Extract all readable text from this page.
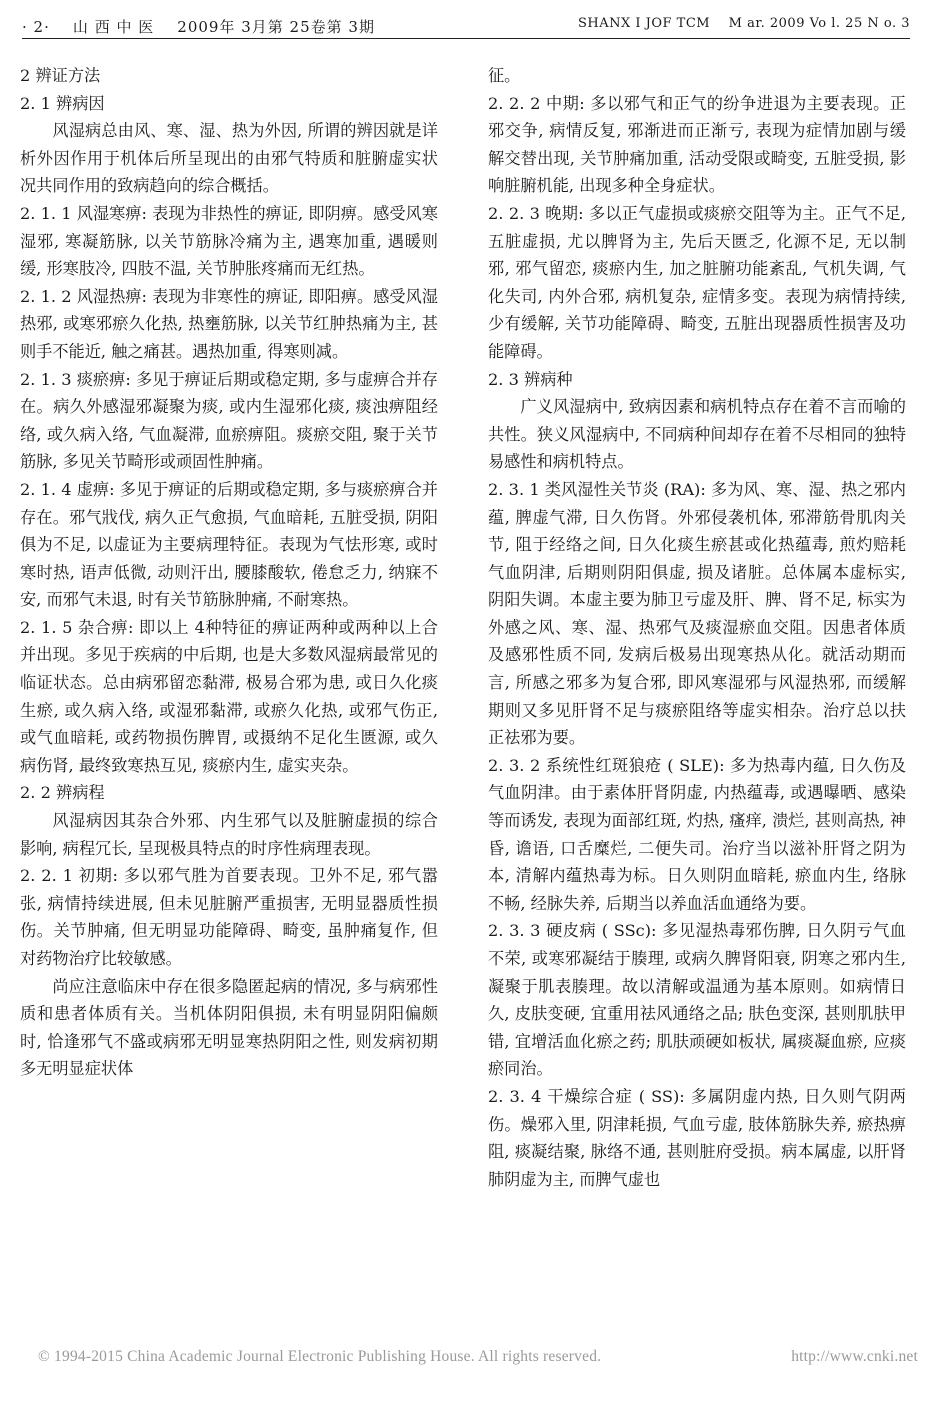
· 2·    山 西 中 医    2009年 3月第 25卷第 3期	SHANX I JOF TCM    M ar. 2009 Vo l. 25 N o. 3

2 辨证方法

2. 1 辨病因

风湿病总由风、寒、湿、热为外因, 所谓的辨因就是详析外因作用于机体后所呈现出的由邪气特质和脏腑虚实状况共同作用的致病趋向的综合概括。

2. 1. 1 风湿寒痹: 表现为非热性的痹证, 即阴痹。感受风寒湿邪, 寒凝筋脉, 以关节筋脉冷痛为主, 遇寒加重, 遇暖则缓, 形寒肢冷, 四肢不温, 关节肿胀疼痛而无红热。

2. 1. 2 风湿热痹: 表现为非寒性的痹证, 即阳痹。感受风湿热邪, 或寒邪瘀久化热, 热壅筋脉, 以关节红肿热痛为主, 甚则手不能近, 触之痛甚。遇热加重, 得寒则减。

2. 1. 3 痰瘀痹: 多见于痹证后期或稳定期, 多与虚痹合并存在。病久外感湿邪凝聚为痰, 或内生湿邪化痰, 痰浊痹阻经络, 或久病入络, 气血凝滞, 血瘀痹阻。痰瘀交阻, 聚于关节筋脉, 多见关节畸形或顽固性肿痛。

2. 1. 4 虚痹: 多见于痹证的后期或稳定期, 多与痰瘀痹合并存在。邪气戕伐, 病久正气愈损, 气血暗耗, 五脏受损, 阴阳俱为不足, 以虚证为主要病理特征。表现为气怯形寒, 或时寒时热, 语声低微, 动则汗出, 腰膝酸软, 倦怠乏力, 纳寐不安, 而邪气未退, 时有关节筋脉肿痛, 不耐寒热。

2. 1. 5 杂合痹: 即以上 4种特征的痹证两种或两种以上合并出现。多见于疾病的中后期, 也是大多数风湿病最常见的临证状态。总由病邪留恋黏滞, 极易合邪为患, 或日久化痰生瘀, 或久病入络, 或湿邪黏滞, 或瘀久化热, 或邪气伤正, 或气血暗耗, 或药物损伤脾胃, 或摄纳不足化生匮源, 或久病伤肾, 最终致寒热互见, 痰瘀内生, 虚实夹杂。

2. 2 辨病程

风湿病因其杂合外邪、内生邪气以及脏腑虚损的综合影响, 病程冗长, 呈现极具特点的时序性病理表现。

2. 2. 1 初期: 多以邪气胜为首要表现。卫外不足, 邪气嚣张, 病情持续进展, 但未见脏腑严重损害, 无明显器质性损伤。关节肿痛, 但无明显功能障碍、畸变, 虽肿痛复作, 但对药物治疗比较敏感。

尚应注意临床中存在很多隐匿起病的情况, 多与病邪性质和患者体质有关。当机体阴阳俱损, 未有明显阴阳偏颇时, 恰逢邪气不盛或病邪无明显寒热阴阳之性, 则发病初期多无明显症状体

征。

2. 2. 2 中期: 多以邪气和正气的纷争进退为主要表现。正邪交争, 病情反复, 邪渐进而正渐亏, 表现为症情加剧与缓解交替出现, 关节肿痛加重, 活动受限或畸变, 五脏受损, 影响脏腑机能, 出现多种全身症状。

2. 2. 3 晚期: 多以正气虚损或痰瘀交阻等为主。正气不足, 五脏虚损, 尤以脾肾为主, 先后天匮乏, 化源不足, 无以制邪, 邪气留恋, 痰瘀内生, 加之脏腑功能紊乱, 气机失调, 气化失司, 内外合邪, 病机复杂, 症情多变。表现为病情持续, 少有缓解, 关节功能障碍、畸变, 五脏出现器质性损害及功能障碍。

2. 3 辨病种

广义风湿病中, 致病因素和病机特点存在着不言而喻的共性。狭义风湿病中, 不同病种间却存在着不尽相同的独特易感性和病机特点。

2. 3. 1 类风湿性关节炎 (RA): 多为风、寒、湿、热之邪内蕴, 脾虚气滞, 日久伤肾。外邪侵袭机体, 邪滞筋骨肌肉关节, 阻于经络之间, 日久化痰生瘀甚或化热蕴毒, 煎灼赔耗气血阴津, 后期则阴阳俱虚, 损及诸脏。总体属本虚标实, 阴阳失调。本虚主要为肺卫亏虚及肝、脾、肾不足, 标实为外感之风、寒、湿、热邪气及痰湿瘀血交阻。因患者体质及感邪性质不同, 发病后极易出现寒热从化。就活动期而言, 所感之邪多为复合邪, 即风寒湿邪与风湿热邪, 而缓解期则又多见肝肾不足与痰瘀阻络等虚实相杂。治疗总以扶正祛邪为要。

2. 3. 2 系统性红斑狼疮 ( SLE): 多为热毒内蕴, 日久伤及气血阴津。由于素体肝肾阴虚, 内热蕴毒, 或遇曝晒、感染等而诱发, 表现为面部红斑, 灼热, 瘙痒, 溃烂, 甚则高热, 神昏, 谵语, 口舌糜烂, 二便失司。治疗当以滋补肝肾之阴为本, 清解内蕴热毒为标。日久则阴血暗耗, 瘀血内生, 络脉不畅, 经脉失养, 后期当以养血活血通络为要。

2. 3. 3 硬皮病 ( SSc): 多见湿热毒邪伤脾, 日久阴亏气血不荣, 或寒邪凝结于腠理, 或病久脾肾阳衰, 阴寒之邪内生, 凝聚于肌表腠理。故以清解或温通为基本原则。如病情日久, 皮肤变硬, 宜重用祛风通络之品; 肤色变深, 甚则肌肤甲错, 宜增活血化瘀之药; 肌肤顽硬如板状, 属痰凝血瘀, 应痰瘀同治。

2. 3. 4 干燥综合症 ( SS): 多属阴虚内热, 日久则气阴两伤。燥邪入里, 阴津耗损, 气血亏虚, 肢体筋脉失养, 瘀热痹阻, 痰凝结聚, 脉络不通, 甚则脏府受损。病本属虚, 以肝肾肺阴虚为主, 而脾气虚也

© 1994-2015 China Academic Journal Electronic Publishing House. All rights reserved.	http://www.cnki.net
